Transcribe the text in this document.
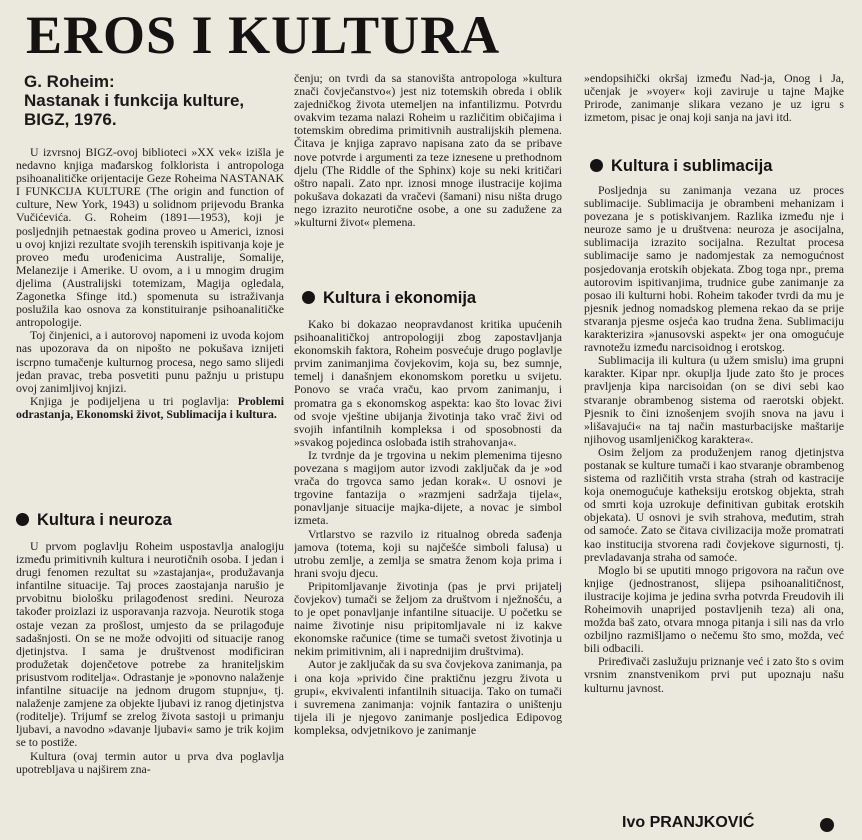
EROS I KULTURA
G. Roheim:
Nastanak i funkcija kulture,
BIGZ, 1976.

U izvrsnoj BIGZ-ovoj biblioteci »XX vek« izišla je nedavno knjiga mađarskog folklorista i antropologa psihoanalitičke orijentacije Geze Roheima NASTANAK I FUNKCIJA KULTURE (The origin and function of culture, New York, 1943) u solidnom prijevodu Branka Vučićevića. G. Roheim (1891—1953), koji je posljednjih petnaestak godina proveo u Americi, iznosi u ovoj knjizi rezultate svojih terenskih ispitivanja koje je proveo među urođenicima Australije, Somalije, Melanezije i Amerike. U ovom, a i u mnogim drugim djelima (Australijski totemizam, Magija ogledala, Zagonetka Sfinge itd.) spomenuta su istraživanja poslužila kao osnova za konstituiranje psihoanalitičke antropologije.

Toj činjenici, a i autorovoj napomeni iz uvoda kojom nas upozorava da on nipošto ne pokušava iznijeti iscrpno tumačenje kulturnog procesa, nego samo slijedi jedan pravac, treba posvetiti punu pažnju u pristupu ovoj zanimljivoj knjizi.

Knjiga je podijeljena u tri poglavlja: Problemi odrastanja, Ekonomski život, Sublimacija i kultura.

Kultura i neuroza

U prvom poglavlju Roheim uspostavlja analogiju između primitivnih kultura i neurotičnih osoba. I jedan i drugi fenomen rezultat su »zastajanja«, produžavanja infantilne situacije. Taj proces zaostajanja narušio je prvobitnu biološku prilagođenost sredini. Neuroza također proizlazi iz usporavanja razvoja. Neurotik stoga ostaje vezan za prošlost, umjesto da se prilagođuje sadašnjosti. On se ne može odvojiti od situacije ranog djetinjstva. I sama je društvenost modificiran produžetak dojenčetove potrebe za hraniteljskim prisustvom roditelja«. Odrastanje je »ponovno nalaženje infantilne situacije na jednom drugom stupnju«, tj. nalaženje zamjene za objekte ljubavi iz ranog djetinjstva (roditelje). Trijumf se zrelog života sastoji u primanju ljubavi, a navodno »davanje ljubavi« samo je trik kojim se to postiže.

Kultura (ovaj termin autor u prva dva poglavlja upotrebljava u najširem zna-

čenju; on tvrdi da sa stanovišta antropologa »kultura znači čovječanstvo«) jest niz totemskih obreda i oblik zajedničkog života utemeljen na infantilizmu. Potvrdu ovakvim tezama nalazi Roheim u različitim običajima i totemskim obredima primitivnih australijskih plemena. Čitava je knjiga zapravo napisana zato da se pribave nove potvrde i argumenti za teze iznesene u prethodnom djelu (The Riddle of the Sphinx) koje su neki kritičari oštro napali. Zato npr. iznosi mnoge ilustracije kojima pokušava dokazati da vračevi (šamani) nisu ništa drugo nego izrazito neurotične osobe, a one su zadužene za »kulturni život« plemena.

Kultura i ekonomija

Kako bi dokazao neopravdanost kritika upućenih psihoanalitičkoj antropologiji zbog zapostavljanja ekonomskih faktora, Roheim posvećuje drugo poglavlje prvim zanimanjima čovjekovim, koja su, bez sumnje, temelj i današnjem ekonomskom poretku u svijetu. Ponovo se vraća vraču, kao prvom zanimanju, i promatra ga s ekonomskog aspekta: kao što lovac živi od svoje vještine ubijanja životinja tako vrač živi od svojih infantilnih kompleksa i od sposobnosti da »svakog pojedinca oslobađa istih strahovanja«.

Iz tvrdnje da je trgovina u nekim plemenima tijesno povezana s magijom autor izvodi zaključak da je »od vrača do trgovca samo jedan korak«. U osnovi je trgovine fantazija o »razmjeni sadržaja tijela«, ponavljanje situacije majka-dijete, a novac je simbol izmeta.

Vrtlarstvo se razvilo iz ritualnog obreda sađenja jamova (totema, koji su najčešće simboli falusa) u utrobu zemlje, a zemlja se smatra ženom koja prima i hrani svoju djecu.

Pripitomljavanje životinja (pas je prvi prijatelj čovjekov) tumači se željom za društvom i nježnošću, a to je opet ponavljanje infantilne situacije. U početku se naime životinje nisu pripitomljavale ni iz kakve ekonomske računice (time se tumači svetost životinja u nekim primitivnim, ali i naprednijim društvima).

Autor je zaključak da su sva čovjekova zanimanja, pa i ona koja »privido čine praktičnu jezgru života u grupi«, ekvivalenti infantilnih situacija. Tako on tumači i suvremena zanimanja: vojnik fantazira o uništenju tijela ili je njegovo zanimanje posljedica Edipovog kompleksa, odvjetnikovo je zanimanje

»endopsihički okršaj između Nad-ja, Onog i Ja, učenjak je »voyer« koji zaviruje u tajne Majke Prirode, zanimanje slikara vezano je uz igru s izmetom, pisac je onaj koji sanja na javi itd.

Kultura i sublimacija

Posljednja su zanimanja vezana uz proces sublimacije. Sublimacija je obrambeni mehanizam i povezana je s potiskivanjem. Razlika između nje i neuroze samo je u društvena: neuroza je asocijalna, sublimacija izrazito socijalna. Rezultat procesa sublimacije samo je nadomjestak za nemogućnost posjedovanja erotskih objekata. Zbog toga npr., prema autorovim ispitivanjima, trudnice gube zanimanje za posao ili kulturni hobi. Roheim također tvrdi da mu je pjesnik jednog nomadskog plemena rekao da se prije stvaranja pjesme osjeća kao trudna žena. Sublimaciju karakterizira »janusovski aspekt« jer ona omogućuje ravnotežu između narcisoidnog i erotskog.

Sublimacija ili kultura (u užem smislu) ima grupni karakter. Kipar npr. okuplja ljude zato što je proces pravljenja kipa narcisoidan (on se divi sebi kao stvaranje obrambenog sistema od raerotski objekt. Pjesnik to čini iznošenjem svojih snova na javu i »lišavajući« na taj način masturbacijske maštarije njihovog usamljeničkog karaktera«.

Osim željom za produženjem ranog djetinjstva postanak se kulture tumači i kao stvaranje obrambenog sistema od različitih vrsta straha (strah od kastracije koja onemogućuje katheksiju erotskog objekta, strah od smrti koja uzrokuje definitivan gubitak erotskih objekata). U osnovi je svih strahova, međutim, strah od samoće. Zato se čitava civilizacija može promatrati kao institucija stvorena radi čovjekove sigurnosti, tj. prevladavanja straha od samoće.

Moglo bi se uputiti mnogo prigovora na račun ove knjige (jednostranost, slijepa psihoanalitičnost, ilustracije kojima je jedina svrha potvrda Freudovih ili Roheimovih unaprijed postavljenih teza) ali ona, možda baš zato, otvara mnoga pitanja i sili nas da vrlo ozbiljno razmišljamo o nečemu što smo, možda, već bili odbacili.

Priređivači zaslužuju priznanje već i zato što s ovim vrsnim znanstvenikom prvi put upoznaju našu kulturnu javnost.

Ivo PRANJKOVIĆ
